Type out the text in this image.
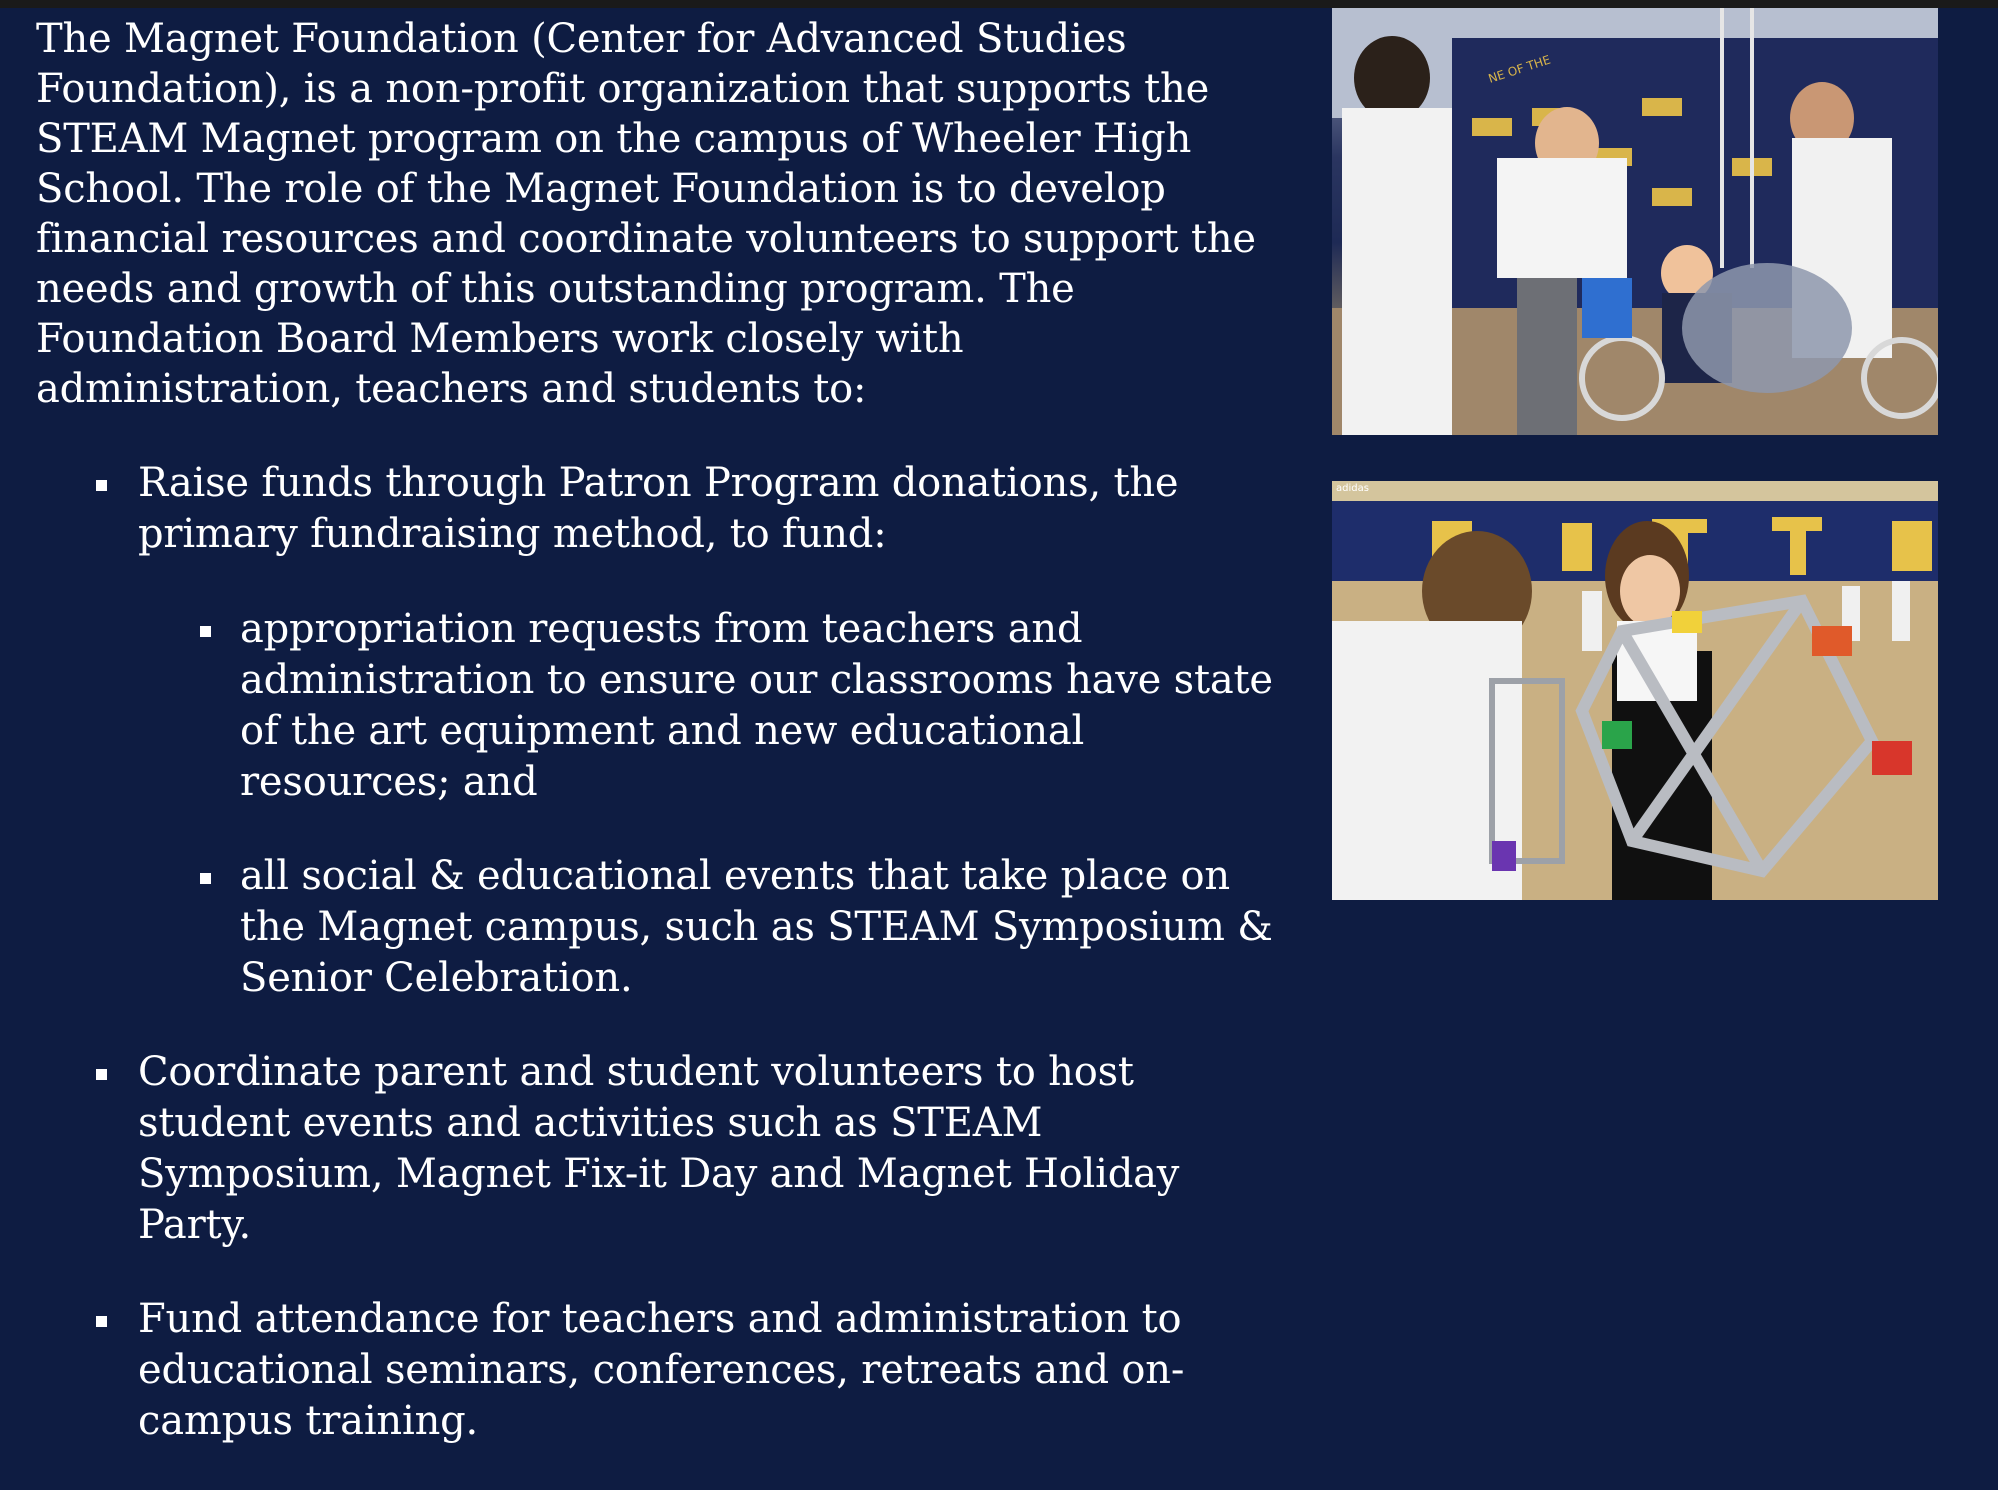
The Magnet Foundation (Center for Advanced Studies Foundation), is a non-profit organization that supports the STEAM Magnet program on the campus of Wheeler High School. The role of the Magnet Foundation is to develop financial resources and coordinate volunteers to support the needs and growth of this outstanding program. The Foundation Board Members work closely with administration, teachers and students to:

Raise funds through Patron Program donations, the primary fundraising method, to fund:
appropriation requests from teachers and administration to ensure our classrooms have state of the art equipment and new educational resources; and
all social & educational events that take place on the Magnet campus, such as STEAM Symposium & Senior Celebration.
Coordinate parent and student volunteers to host student events and activities such as STEAM Symposium, Magnet Fix-it Day and Magnet Holiday Party.
Fund attendance for teachers and administration to educational seminars, conferences, retreats and on-campus training.
NE OF THE
adidas
